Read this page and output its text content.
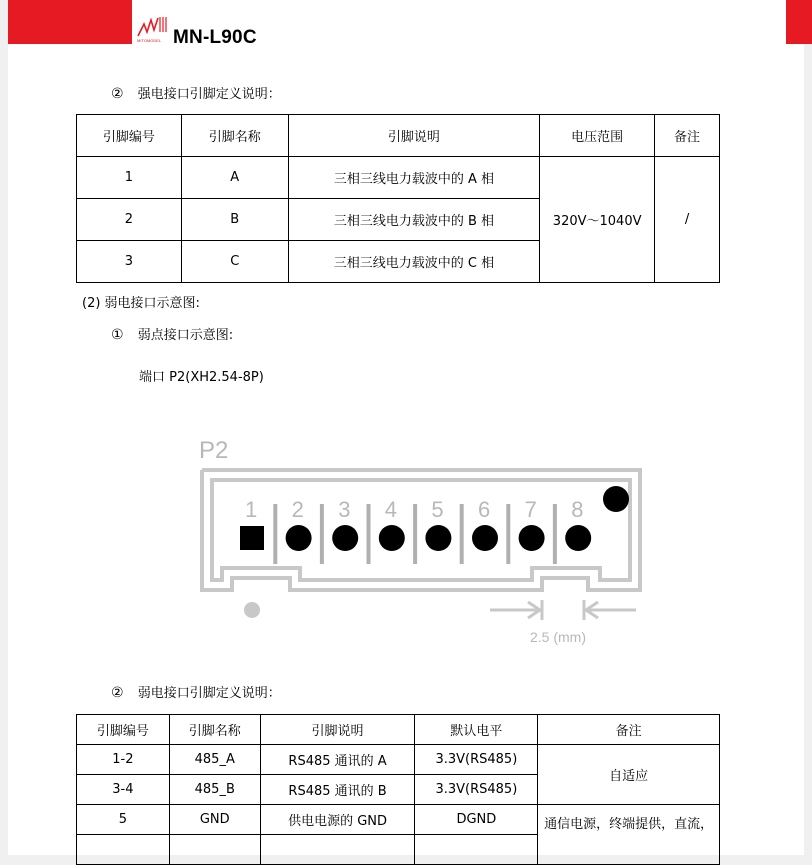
MITOMODEL MN-L90C
② 强电接口引脚定义说明：
引脚编号	引脚名称	引脚说明	电压范围	备注
1	A	三相三线电力载波中的 A 相	320V～1040V	/
2	B	三相三线电力载波中的 B 相		
3	C	三相三线电力载波中的 C 相		
(2) 弱电接口示意图:
① 弱点接口示意图:
端口 P2(XH2.54-8P)
P2
1 2 3 4 5 6 7 8
2.5 (mm)
② 弱电接口引脚定义说明：
引脚编号	引脚名称	引脚说明	默认电平	备注
1-2	485_A	RS485 通讯的 A	3.3V(RS485)	自适应
3-4	485_B	RS485 通讯的 B	3.3V(RS485)	
5	GND	供电电源的 GND	DGND	通信电源，终端提供，直流，
